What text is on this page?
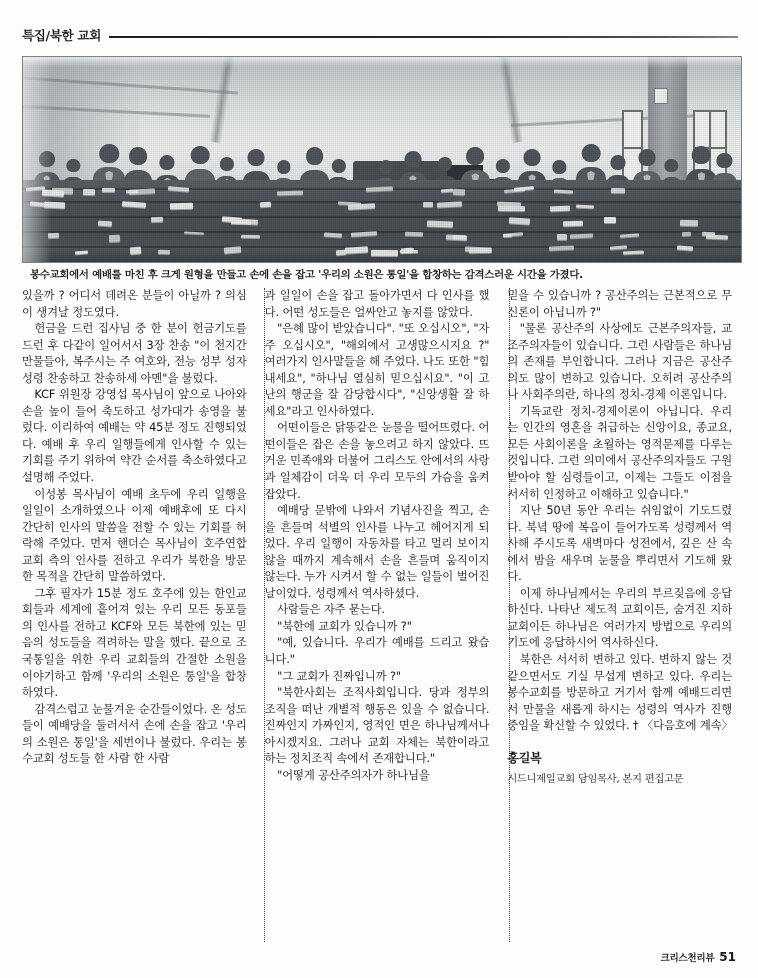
특집/북한 교회
봉수교회에서 예배를 마친 후 크게 원형을 만들고 손에 손을 잡고 '우리의 소원은 통일'을 합창하는 감격스러운 시간을 가졌다.

있을까 ? 어디서 데려온 분들이 아닐까 ? 의심이 생겨날 정도였다.

헌금을 드런 집사님 중 한 분이 헌금기도를 드런 후 다같이 일어서서 3장 찬송 "이 천지간 만물들아, 복주시는 주 여호와, 전능 성부 성자 성령 찬송하고 찬송하세 아멘"을 불렀다.

KCF 위원장 강영섭 목사님이 앞으로 나아와 손을 높이 들어 축도하고 성가대가 송영을 불렀다. 이리하여 예배는 약 45분 정도 진행되었다. 예배 후 우리 일행들에게 인사할 수 있는 기회를 주기 위하여 약간 순서를 축소하였다고 설명해 주었다.

이성봉 목사님이 예배 초두에 우리 일행을 일일이 소개하였으나 이제 예배후에 또 다시 간단히 인사의 말씀을 전할 수 있는 기회를 허락해 주었다. 먼저 핸더슨 목사님이 호주연합교회 측의 인사를 전하고 우리가 북한을 방문한 목적을 간단히 말씀하였다.

그후 필자가 15분 정도 호주에 있는 한인교회들과 세계에 흩어져 있는 우리 모든 동포들의 인사를 전하고 KCF와 모든 북한에 있는 믿음의 성도들을 격려하는 말을 했다. 끝으로 조국통일을 위한 우리 교회들의 간절한 소원을 이야기하고 함께 '우리의 소원은 통일'을 합창하였다.

감격스럽고 눈물겨운 순간들이었다. 온 성도들이 예배당을 둘러서서 손에 손을 잡고 '우리의 소원은 통일'을 세번이나 불렀다. 우리는 봉수교회 성도들 한 사람 한 사람

과 일일이 손을 잡고 돌아가면서 다 인사를 했다. 어떤 성도들은 얼싸안고 놓지를 않았다.

"은혜 많이 받았습니다". "또 오십시오", "자주 오십시오", "해외에서 고생많으시지요 ?" 여러가지 인사말들을 해 주었다. 나도 또한 "힘내세요", "하나님 열심히 믿으십시요". "이 고난의 행군을 잘 감당합시다", "신앙생활 잘 하세요"라고 인사하였다.

어떤이들은 닭똥같은 눈물을 떨어뜨렸다. 어떤이들은 잡은 손을 놓으려고 하지 않았다. 뜨거운 민족애와 더불어 그리스도 안에서의 사랑과 일체감이 더욱 더 우리 모두의 가슴을 움켜 잡았다.

예배당 문밖에 나와서 기념사진을 찍고, 손을 흔들며 석별의 인사를 나누고 헤어지게 되었다. 우리 일행이 자동차를 타고 멀리 보이지 않을 때까지 계속해서 손을 흔들며 움직이지 않는다. 누가 시켜서 할 수 없는 일들이 벌어진 날이었다. 성령께서 역사하셨다.

사람들은 자주 묻는다.

"북한에 교회가 있습니까 ?"

"예, 있습니다. 우리가 예배를 드리고 왔습니다."

"그 교회가 진짜입니까 ?"

"북한사회는 조직사회입니다. 당과 정부의 조직을 떠난 개별적 행동은 있을 수 없습니다. 진짜인지 가짜인지, 영적인 면은 하나님께서나 아시겠지요. 그러나 교회 자체는 북한이라고 하는 정치조직 속에서 존재합니다."

"어떻게 공산주의자가 하나님을

믿을 수 있습니까 ? 공산주의는 근본적으로 무신론이 아닙니까 ?"

"물론 공산주의 사상에도 근본주의자들, 교조주의자들이 있습니다. 그런 사람들은 하나님의 존재를 부인합니다. 그러나 지금은 공산주의도 많이 변하고 있습니다. 오히려 공산주의나 사회주의란, 하나의 정치-경제 이론입니다.

기독교란 정치-경제이론이 아닙니다. 우리는 인간의 영혼을 취급하는 신앙이요, 종교요, 모든 사회이론을 초월하는 영적문제를 다루는 것입니다. 그런 의미에서 공산주의자들도 구원받아야 할 심령들이고, 이제는 그들도 이점을 서서히 인정하고 이해하고 있습니다."

지난 50년 동안 우리는 쉬임없이 기도드렸다. 북녘 땅에 복음이 들어가도록 성령께서 역사해 주시도록 새벽마다 성전에서, 깊은 산 속에서 밤을 새우며 눈물을 뿌리면서 기도해 왔다.

이제 하나님께서는 우리의 부르짖음에 응답하신다. 나타난 제도적 교회이든, 숨겨진 지하교회이든 하나님은 여러가지 방법으로 우리의 기도에 응답하시어 역사하신다.

북한은 서서히 변하고 있다. 변하지 않는 것 같으면서도 기실 무섭게 변하고 있다. 우리는 봉수교회를 방문하고 거기서 함께 예배드리면서 만물을 새롭게 하시는 성령의 역사가 진행중임을 확신할 수 있었다. † 〈다음호에 계속〉

홍길복
시드니제일교회 담임목사, 본지 편집고문
크리스천리뷰 51
